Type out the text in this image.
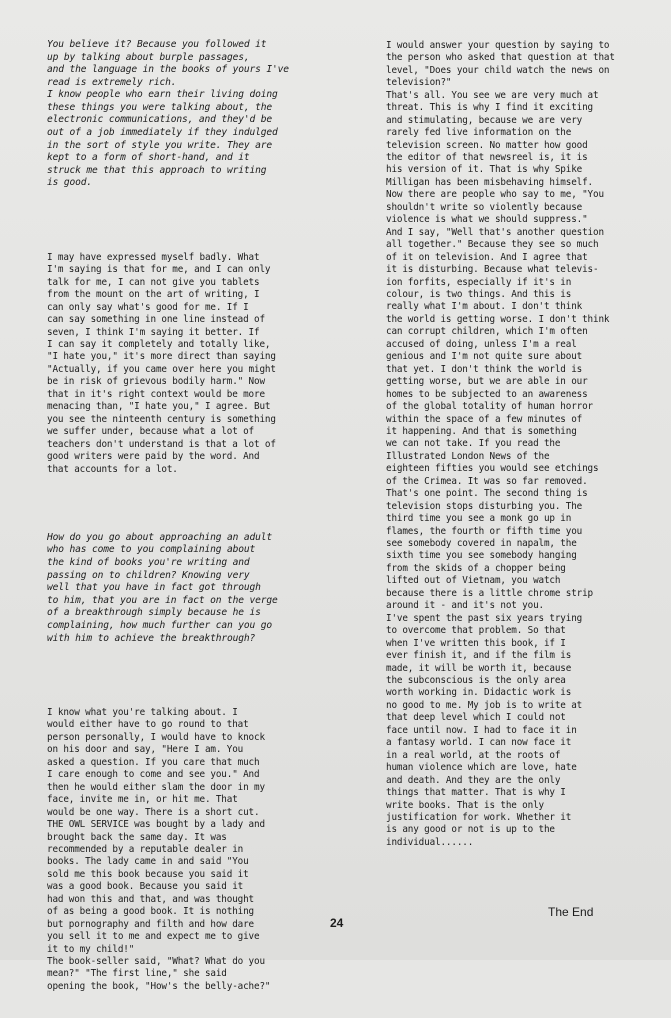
You believe it? Because you followed it
up by talking about burple passages,
and the language in the books of yours I've
read is extremely rich.
I know people who earn their living doing
these things you were talking about, the
electronic communications, and they'd be
out of a job immediately if they indulged
in the sort of style you write. They are
kept to a form of short-hand, and it
struck me that this approach to writing
is good.

I may have expressed myself badly. What
I'm saying is that for me, and I can only
talk for me, I can not give you tablets
from the mount on the art of writing, I
can only say what's good for me. If I
can say something in one line instead of
seven, I think I'm saying it better. If
I can say it completely and totally like,
"I hate you," it's more direct than saying
"Actually, if you came over here you might
be in risk of grievous bodily harm." Now
that in it's right context would be more
menacing than, "I hate you," I agree. But
you see the ninteenth century is something
we suffer under, because what a lot of
teachers don't understand is that a lot of
good writers were paid by the word. And
that accounts for a lot.

How do you go about approaching an adult
who has come to you complaining about
the kind of books you're writing and
passing on to children? Knowing very
well that you have in fact got through
to him, that you are in fact on the verge
of a breakthrough simply because he is
complaining, how much further can you go
with him to achieve the breakthrough?

I know what you're talking about. I
would either have to go round to that
person personally, I would have to knock
on his door and say, "Here I am. You
asked a question. If you care that much
I care enough to come and see you." And
then he would either slam the door in my
face, invite me in, or hit me. That
would be one way. There is a short cut.
THE OWL SERVICE was bought by a lady and
brought back the same day. It was
recommended by a reputable dealer in
books. The lady came in and said "You
sold me this book because you said it
was a good book. Because you said it
had won this and that, and was thought
of as being a good book. It is nothing
but pornography and filth and how dare
you sell it to me and expect me to give
it to my child!"
The book-seller said, "What? What do you
mean?" "The first line," she said
opening the book, "How's the belly-ache?"

I would answer your question by saying to
the person who asked that question at that
level, "Does your child watch the news on
television?"
That's all. You see we are very much at
threat. This is why I find it exciting
and stimulating, because we are very
rarely fed live information on the
television screen. No matter how good
the editor of that newsreel is, it is
his version of it. That is why Spike
Milligan has been misbehaving himself.
Now there are people who say to me, "You
shouldn't write so violently because
violence is what we should suppress."
And I say, "Well that's another question
all together." Because they see so much
of it on television. And I agree that
it is disturbing. Because what televis-
ion forfits, especially if it's in
colour, is two things. And this is
really what I'm about. I don't think
the world is getting worse. I don't think
can corrupt children, which I'm often
accused of doing, unless I'm a real
genious and I'm not quite sure about
that yet. I don't think the world is
getting worse, but we are able in our
homes to be subjected to an awareness
of the global totality of human horror
within the space of a few minutes of
it happening. And that is something
we can not take. If you read the
Illustrated London News of the
eighteen fifties you would see etchings
of the Crimea. It was so far removed.
That's one point. The second thing is
television stops disturbing you. The
third time you see a monk go up in
flames, the fourth or fifth time you
see somebody covered in napalm, the
sixth time you see somebody hanging
from the skids of a chopper being
lifted out of Vietnam, you watch
because there is a little chrome strip
around it - and it's not you.
I've spent the past six years trying
to overcome that problem. So that
when I've written this book, if I
ever finish it, and if the film is
made, it will be worth it, because
the subconscious is the only area
worth working in. Didactic work is
no good to me. My job is to write at
that deep level which I could not
face until now. I had to face it in
a fantasy world. I can now face it
in a real world, at the roots of
human violence which are love, hate
and death. And they are the only
things that matter. That is why I
write books. That is the only
justification for work. Whether it
is any good or not is up to the
individual......

The End
24
